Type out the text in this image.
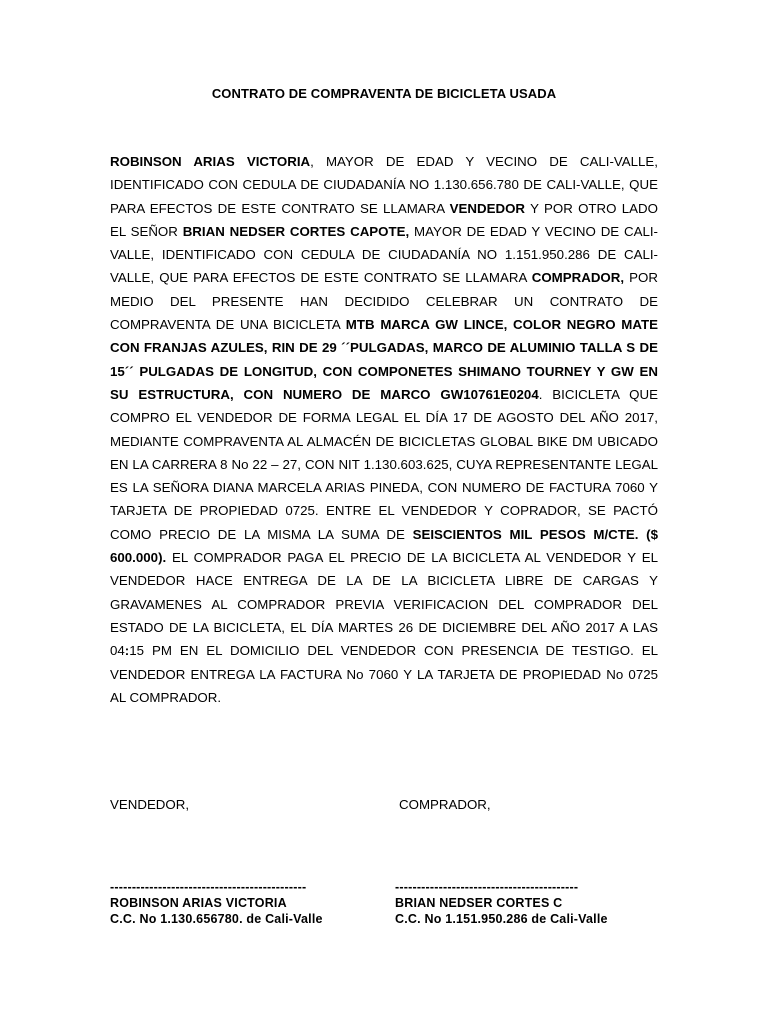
CONTRATO DE COMPRAVENTA DE BICICLETA USADA

ROBINSON ARIAS VICTORIA, MAYOR DE EDAD Y VECINO DE CALI-VALLE, IDENTIFICADO CON CEDULA DE CIUDADANÍA NO 1.130.656.780 DE CALI-VALLE, QUE PARA EFECTOS DE ESTE CONTRATO SE LLAMARA VENDEDOR Y POR OTRO LADO EL SEÑOR BRIAN NEDSER CORTES CAPOTE, MAYOR DE EDAD Y VECINO DE CALI-VALLE, IDENTIFICADO CON CEDULA DE CIUDADANÍA NO 1.151.950.286 DE CALI-VALLE, QUE PARA EFECTOS DE ESTE CONTRATO SE LLAMARA COMPRADOR, POR MEDIO DEL PRESENTE HAN DECIDIDO CELEBRAR UN CONTRATO DE COMPRAVENTA DE UNA BICICLETA MTB MARCA GW LINCE, COLOR NEGRO MATE CON FRANJAS AZULES, RIN DE 29 ´´PULGADAS, MARCO DE ALUMINIO TALLA S DE 15´´ PULGADAS DE LONGITUD, CON COMPONETES SHIMANO TOURNEY Y GW EN SU ESTRUCTURA, CON NUMERO DE MARCO GW10761E0204. BICICLETA QUE COMPRO EL VENDEDOR DE FORMA LEGAL EL DÍA 17 DE AGOSTO DEL AÑO 2017, MEDIANTE COMPRAVENTA AL ALMACÉN DE BICICLETAS GLOBAL BIKE DM UBICADO EN LA CARRERA 8 No 22 – 27, CON NIT 1.130.603.625, CUYA REPRESENTANTE LEGAL ES LA SEÑORA DIANA MARCELA ARIAS PINEDA, CON NUMERO DE FACTURA 7060 Y TARJETA DE PROPIEDAD 0725. ENTRE EL VENDEDOR Y COPRADOR, SE PACTÓ COMO PRECIO DE LA MISMA LA SUMA DE SEISCIENTOS MIL PESOS M/CTE. ($ 600.000). EL COMPRADOR PAGA EL PRECIO DE LA BICICLETA AL VENDEDOR Y EL VENDEDOR HACE ENTREGA DE LA DE LA BICICLETA LIBRE DE CARGAS Y GRAVAMENES AL COMPRADOR PREVIA VERIFICACION DEL COMPRADOR DEL ESTADO DE LA BICICLETA, EL DÍA MARTES 26 DE DICIEMBRE DEL AÑO 2017 A LAS 04:15 PM EN EL DOMICILIO DEL VENDEDOR CON PRESENCIA DE TESTIGO. EL VENDEDOR ENTREGA LA FACTURA No 7060 Y LA TARJETA DE PROPIEDAD No 0725 AL COMPRADOR.

VENDEDOR,	COMPRADOR,
---------------------------------------------
ROBINSON ARIAS VICTORIA
C.C. No 1.130.656780. de Cali-Valle
------------------------------------------
BRIAN NEDSER CORTES C
C.C. No 1.151.950.286 de Cali-Valle
